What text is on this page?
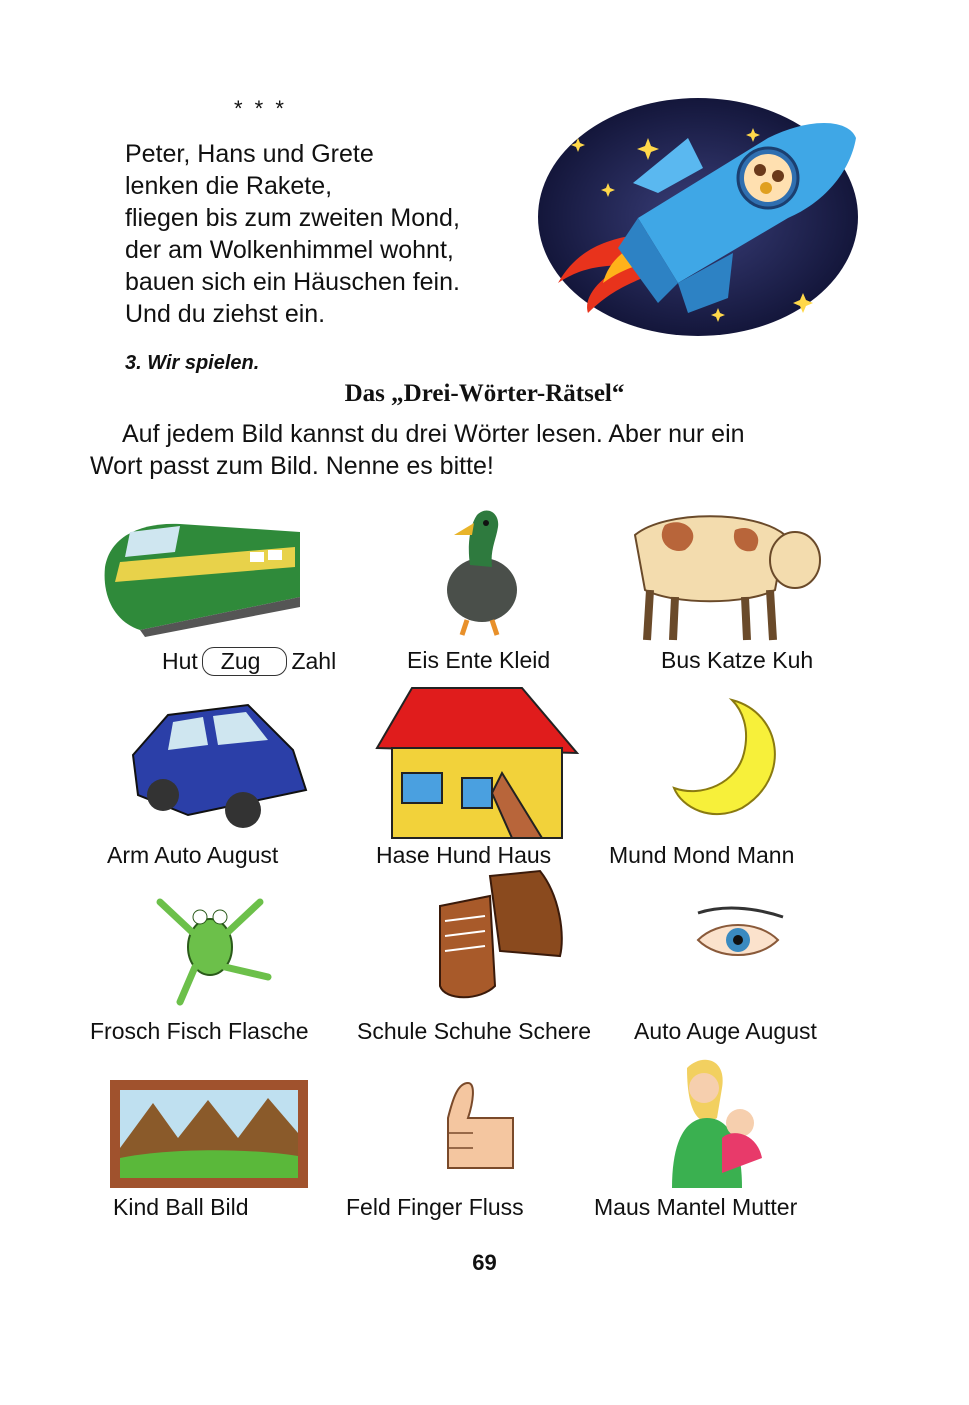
* * *
Peter, Hans und Grete
lenken die Rakete,
fliegen bis zum zweiten Mond,
der am Wolkenhimmel wohnt,
bauen sich ein Häuschen fein.
Und du ziehst ein.
3. Wir spielen.
Das „Drei-Wörter-Rätsel“
Auf jedem Bild kannst du drei Wörter lesen. Aber nur ein
Wort passt zum Bild. Nenne es bitte!
Hut Zug Zahl	Eis Ente Kleid	Bus Katze Kuh
Arm Auto August	Hase Hund Haus	Mund Mond Mann
Frosch Fisch Flasche Schule Schuhe Schere Auto Auge August
Kind Ball Bild	Feld Finger Fluss	Maus Mantel Mutter
69
